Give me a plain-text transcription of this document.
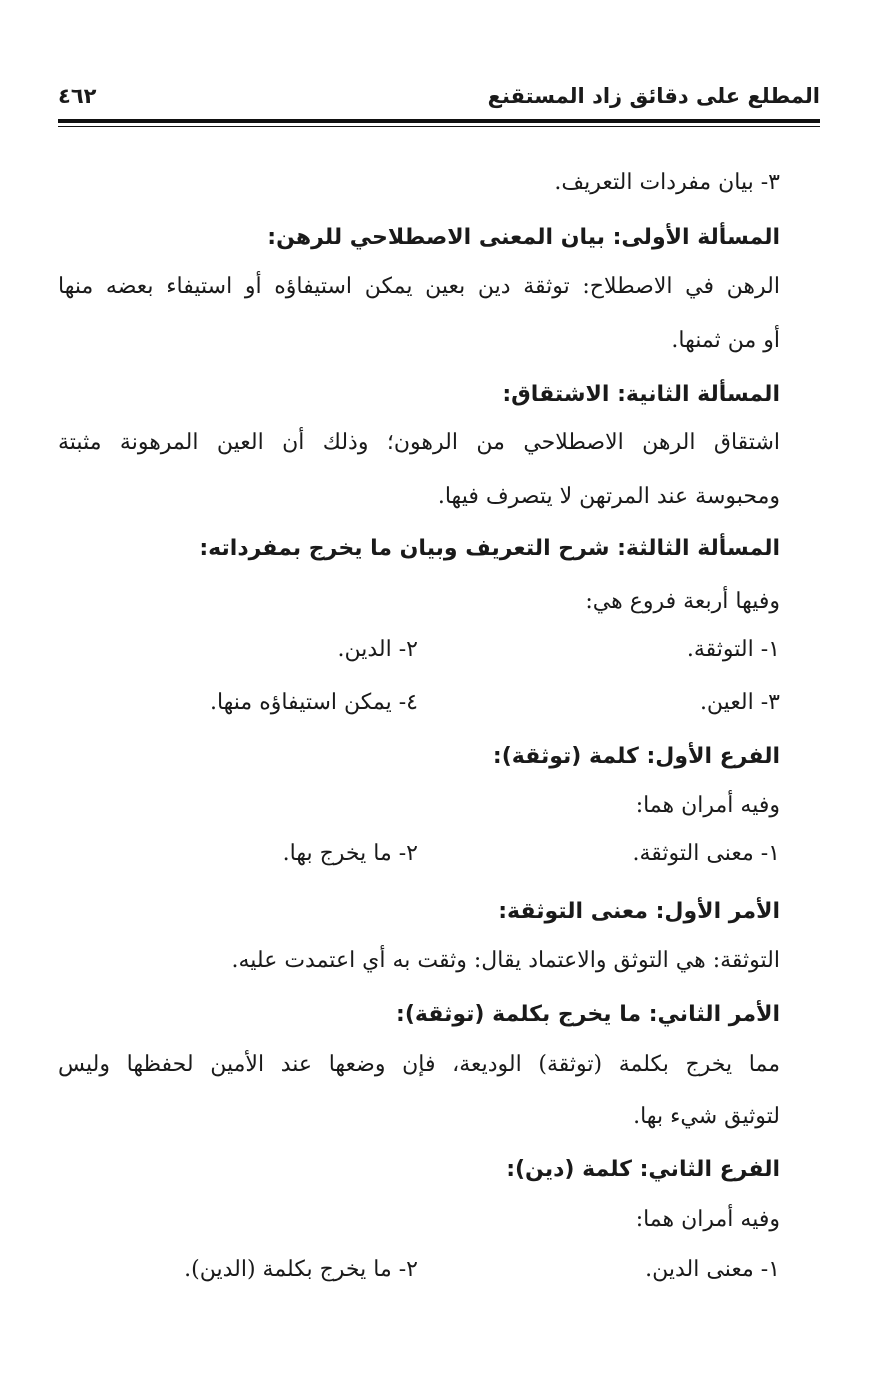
المطلع على دقائق زاد المستقنع
٤٦٢
٣- بيان مفردات التعريف.
المسألة الأولى: بيان المعنى الاصطلاحي للرهن:
الرهن في الاصطلاح: توثقة دين بعين يمكن استيفاؤه أو استيفاء بعضه منها
أو من ثمنها.
المسألة الثانية: الاشتقاق:
اشتقاق الرهن الاصطلاحي من الرهون؛ وذلك أن العين المرهونة مثبتة
ومحبوسة عند المرتهن لا يتصرف فيها.
المسألة الثالثة: شرح التعريف وبيان ما يخرج بمفرداته:
وفيها أربعة فروع هي:
١- التوثقة.
٢- الدين.
٣- العين.
٤- يمكن استيفاؤه منها.
الفرع الأول: كلمة (توثقة):
وفيه أمران هما:
١- معنى التوثقة.
٢- ما يخرج بها.
الأمر الأول: معنى التوثقة:
التوثقة: هي التوثق والاعتماد يقال: وثقت به أي اعتمدت عليه.
الأمر الثاني: ما يخرج بكلمة (توثقة):
مما يخرج بكلمة (توثقة) الوديعة، فإن وضعها عند الأمين لحفظها وليس
لتوثيق شيء بها.
الفرع الثاني: كلمة (دين):
وفيه أمران هما:
١- معنى الدين.
٢- ما يخرج بكلمة (الدين).
